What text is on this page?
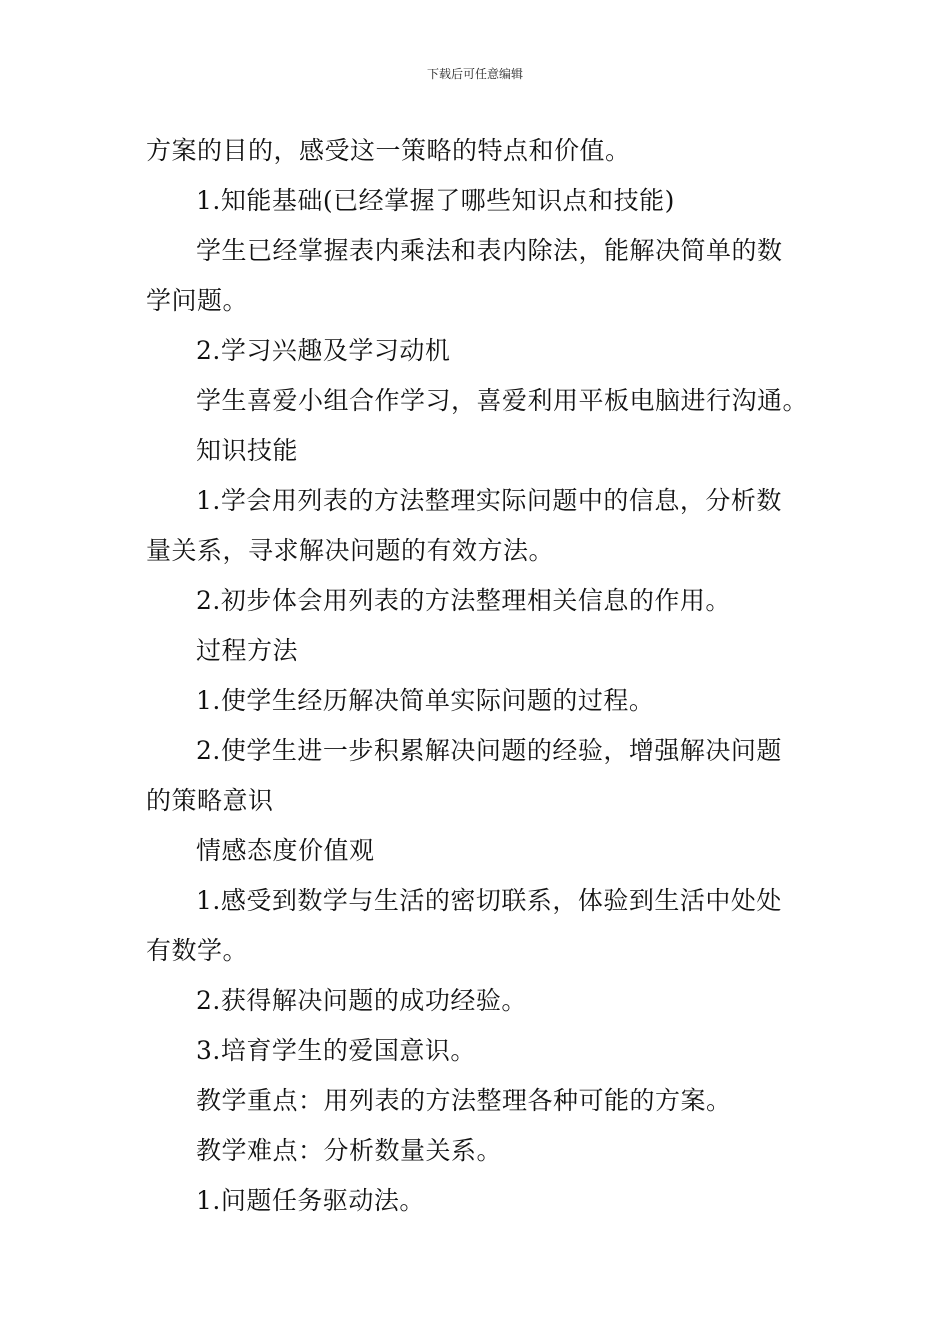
下载后可任意编辑
方案的目的，感受这一策略的特点和价值。
1.知能基础(已经掌握了哪些知识点和技能)
学生已经掌握表内乘法和表内除法，能解决简单的数
学问题。
2.学习兴趣及学习动机
学生喜爱小组合作学习，喜爱利用平板电脑进行沟通。
知识技能
1.学会用列表的方法整理实际问题中的信息，分析数
量关系，寻求解决问题的有效方法。
2.初步体会用列表的方法整理相关信息的作用。
过程方法
1.使学生经历解决简单实际问题的过程。
2.使学生进一步积累解决问题的经验，增强解决问题
的策略意识
情感态度价值观
1.感受到数学与生活的密切联系，体验到生活中处处
有数学。
2.获得解决问题的成功经验。
3.培育学生的爱国意识。
教学重点：用列表的方法整理各种可能的方案。
教学难点：分析数量关系。
1.问题任务驱动法。
